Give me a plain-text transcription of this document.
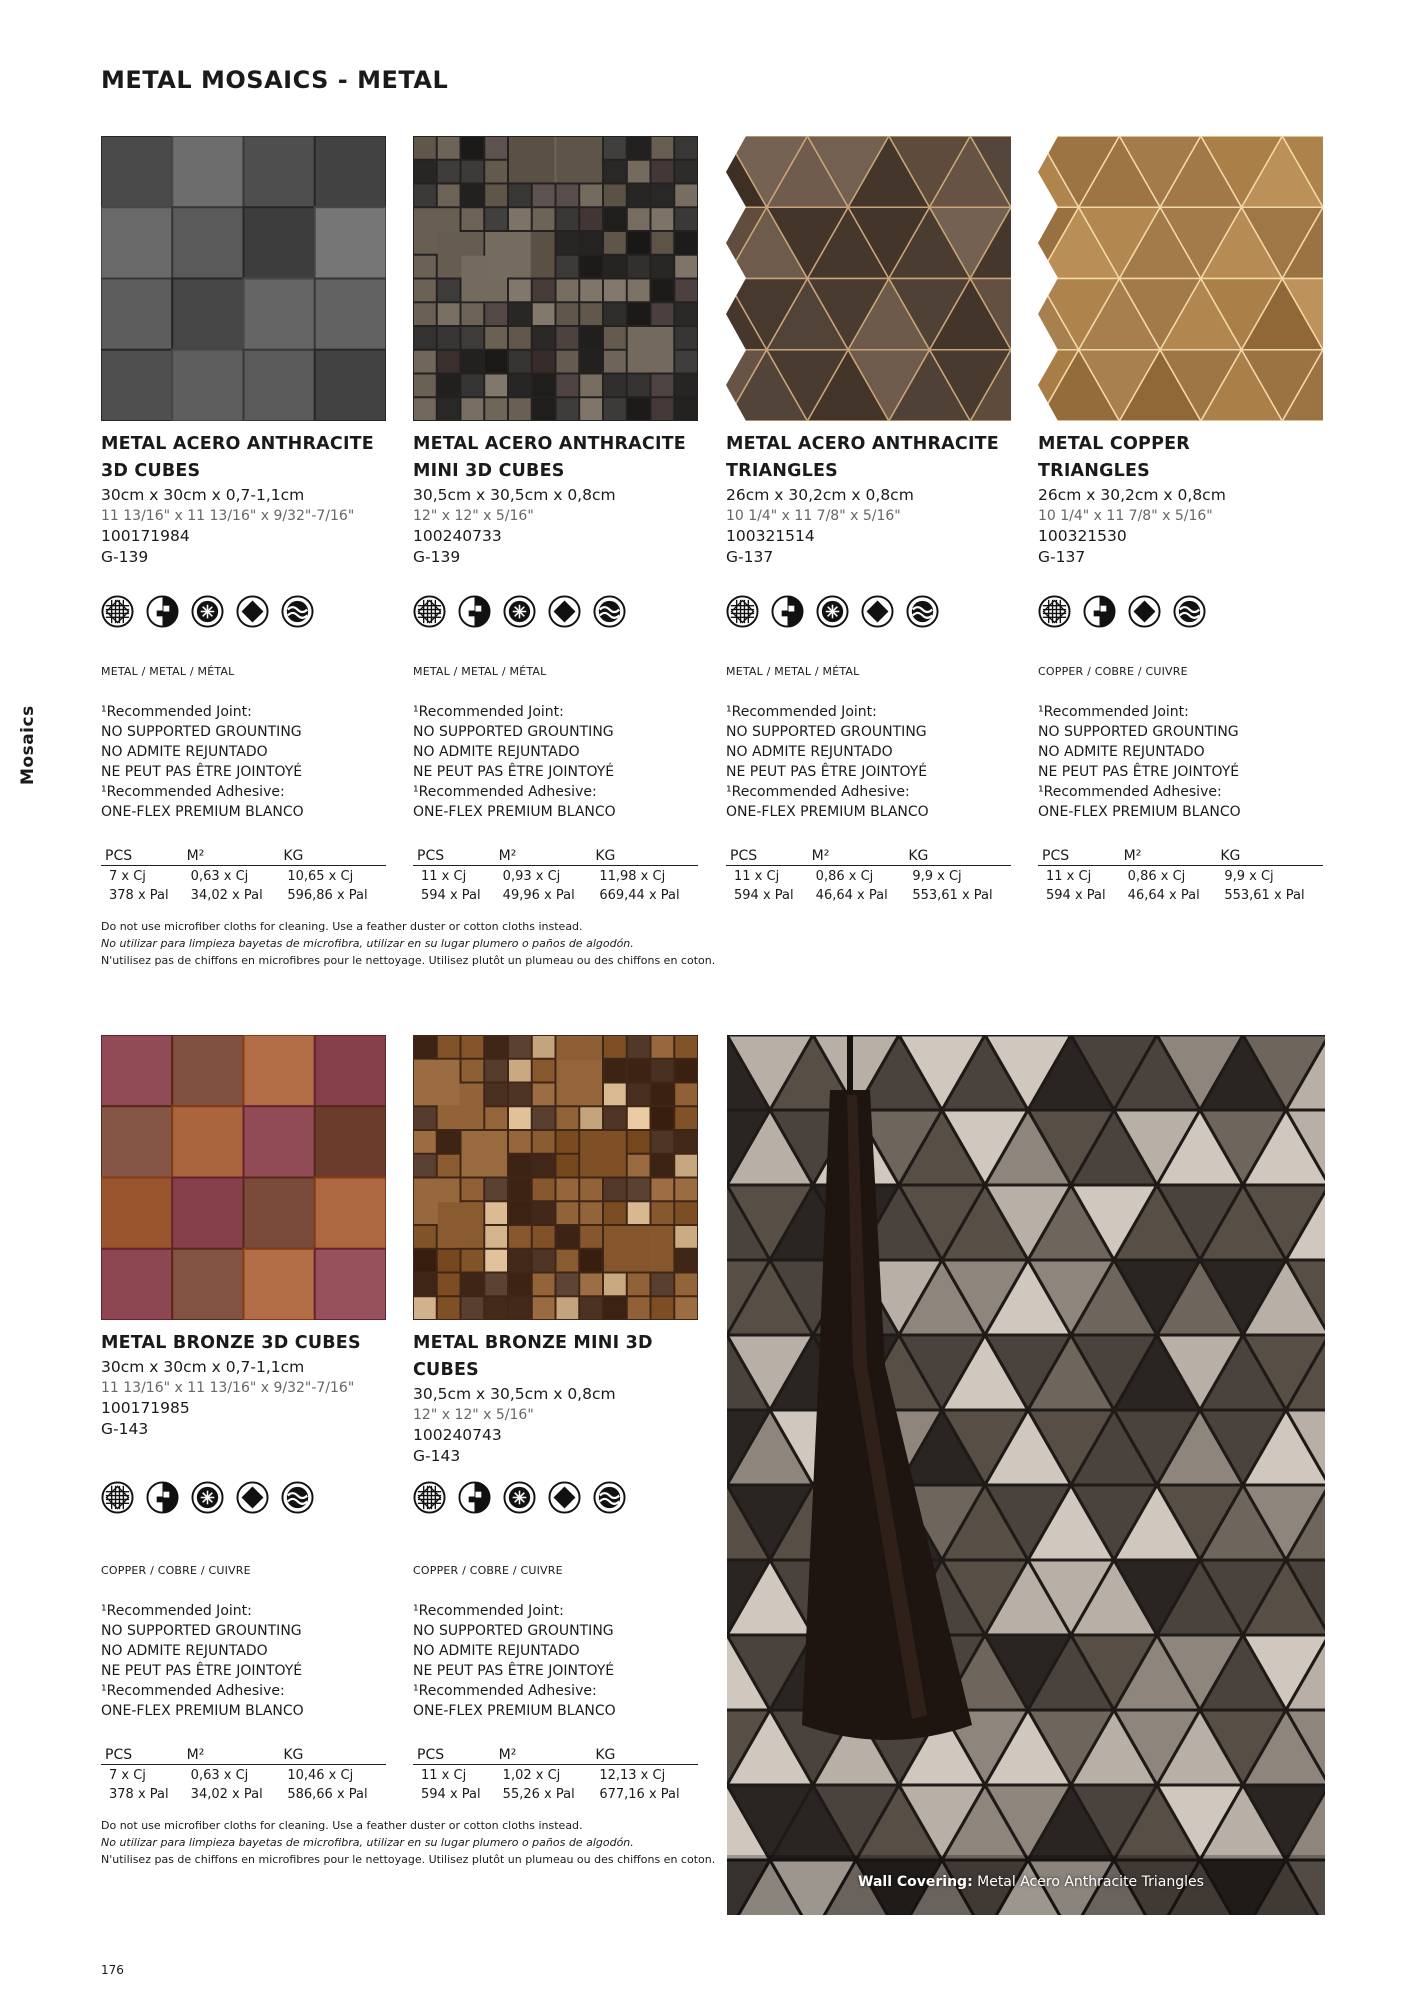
METAL MOSAICS - METAL
Mosaics
METAL ACERO ANTHRACITE
3D CUBES
30cm x 30cm x 0,7-1,1cm
11 13/16" x 11 13/16" x 9/32"-7/16"
100171984
G-139
METAL / METAL / MÉTAL
¹Recommended Joint:
NO SUPPORTED GROUNTING
NO ADMITE REJUNTADO
NE PEUT PAS ÊTRE JOINTOYÉ
¹Recommended Adhesive:
ONE-FLEX PREMIUM BLANCO
PCS	M²	KG
7 x Cj	0,63 x Cj	10,65 x Cj
378 x Pal	34,02 x Pal	596,86 x Pal
METAL ACERO ANTHRACITE
MINI 3D CUBES
30,5cm x 30,5cm x 0,8cm
12" x 12" x 5/16"
100240733
G-139
METAL / METAL / MÉTAL
¹Recommended Joint:
NO SUPPORTED GROUNTING
NO ADMITE REJUNTADO
NE PEUT PAS ÊTRE JOINTOYÉ
¹Recommended Adhesive:
ONE-FLEX PREMIUM BLANCO
PCS	M²	KG
11 x Cj	0,93 x Cj	11,98 x Cj
594 x Pal	49,96 x Pal	669,44 x Pal
METAL ACERO ANTHRACITE
TRIANGLES
26cm x 30,2cm x 0,8cm
10 1/4" x 11 7/8" x 5/16"
100321514
G-137
METAL / METAL / MÉTAL
¹Recommended Joint:
NO SUPPORTED GROUNTING
NO ADMITE REJUNTADO
NE PEUT PAS ÊTRE JOINTOYÉ
¹Recommended Adhesive:
ONE-FLEX PREMIUM BLANCO
PCS	M²	KG
11 x Cj	0,86 x Cj	9,9 x Cj
594 x Pal	46,64 x Pal	553,61 x Pal
METAL COPPER
TRIANGLES
26cm x 30,2cm x 0,8cm
10 1/4" x 11 7/8" x 5/16"
100321530
G-137
COPPER / COBRE / CUIVRE
¹Recommended Joint:
NO SUPPORTED GROUNTING
NO ADMITE REJUNTADO
NE PEUT PAS ÊTRE JOINTOYÉ
¹Recommended Adhesive:
ONE-FLEX PREMIUM BLANCO
PCS	M²	KG
11 x Cj	0,86 x Cj	9,9 x Cj
594 x Pal	46,64 x Pal	553,61 x Pal
METAL BRONZE 3D CUBES
30cm x 30cm x 0,7-1,1cm
11 13/16" x 11 13/16" x 9/32"-7/16"
100171985
G-143
COPPER / COBRE / CUIVRE
¹Recommended Joint:
NO SUPPORTED GROUNTING
NO ADMITE REJUNTADO
NE PEUT PAS ÊTRE JOINTOYÉ
¹Recommended Adhesive:
ONE-FLEX PREMIUM BLANCO
PCS	M²	KG
7 x Cj	0,63 x Cj	10,46 x Cj
378 x Pal	34,02 x Pal	586,66 x Pal
METAL BRONZE MINI 3D CUBES
30,5cm x 30,5cm x 0,8cm
12" x 12" x 5/16"
100240743
G-143
COPPER / COBRE / CUIVRE
¹Recommended Joint:
NO SUPPORTED GROUNTING
NO ADMITE REJUNTADO
NE PEUT PAS ÊTRE JOINTOYÉ
¹Recommended Adhesive:
ONE-FLEX PREMIUM BLANCO
PCS	M²	KG
11 x Cj	1,02 x Cj	12,13 x Cj
594 x Pal	55,26 x Pal	677,16 x Pal
Wall Covering: Metal Acero Anthracite Triangles
Do not use microfiber cloths for cleaning. Use a feather duster or cotton cloths instead.
No utilizar para limpieza bayetas de microfibra, utilizar en su lugar plumero o paños de algodón.
N'utilisez pas de chiffons en microfibres pour le nettoyage. Utilisez plutôt un plumeau ou des chiffons en coton.
Do not use microfiber cloths for cleaning. Use a feather duster or cotton cloths instead.
No utilizar para limpieza bayetas de microfibra, utilizar en su lugar plumero o paños de algodón.
N'utilisez pas de chiffons en microfibres pour le nettoyage. Utilisez plutôt un plumeau ou des chiffons en coton.
176
